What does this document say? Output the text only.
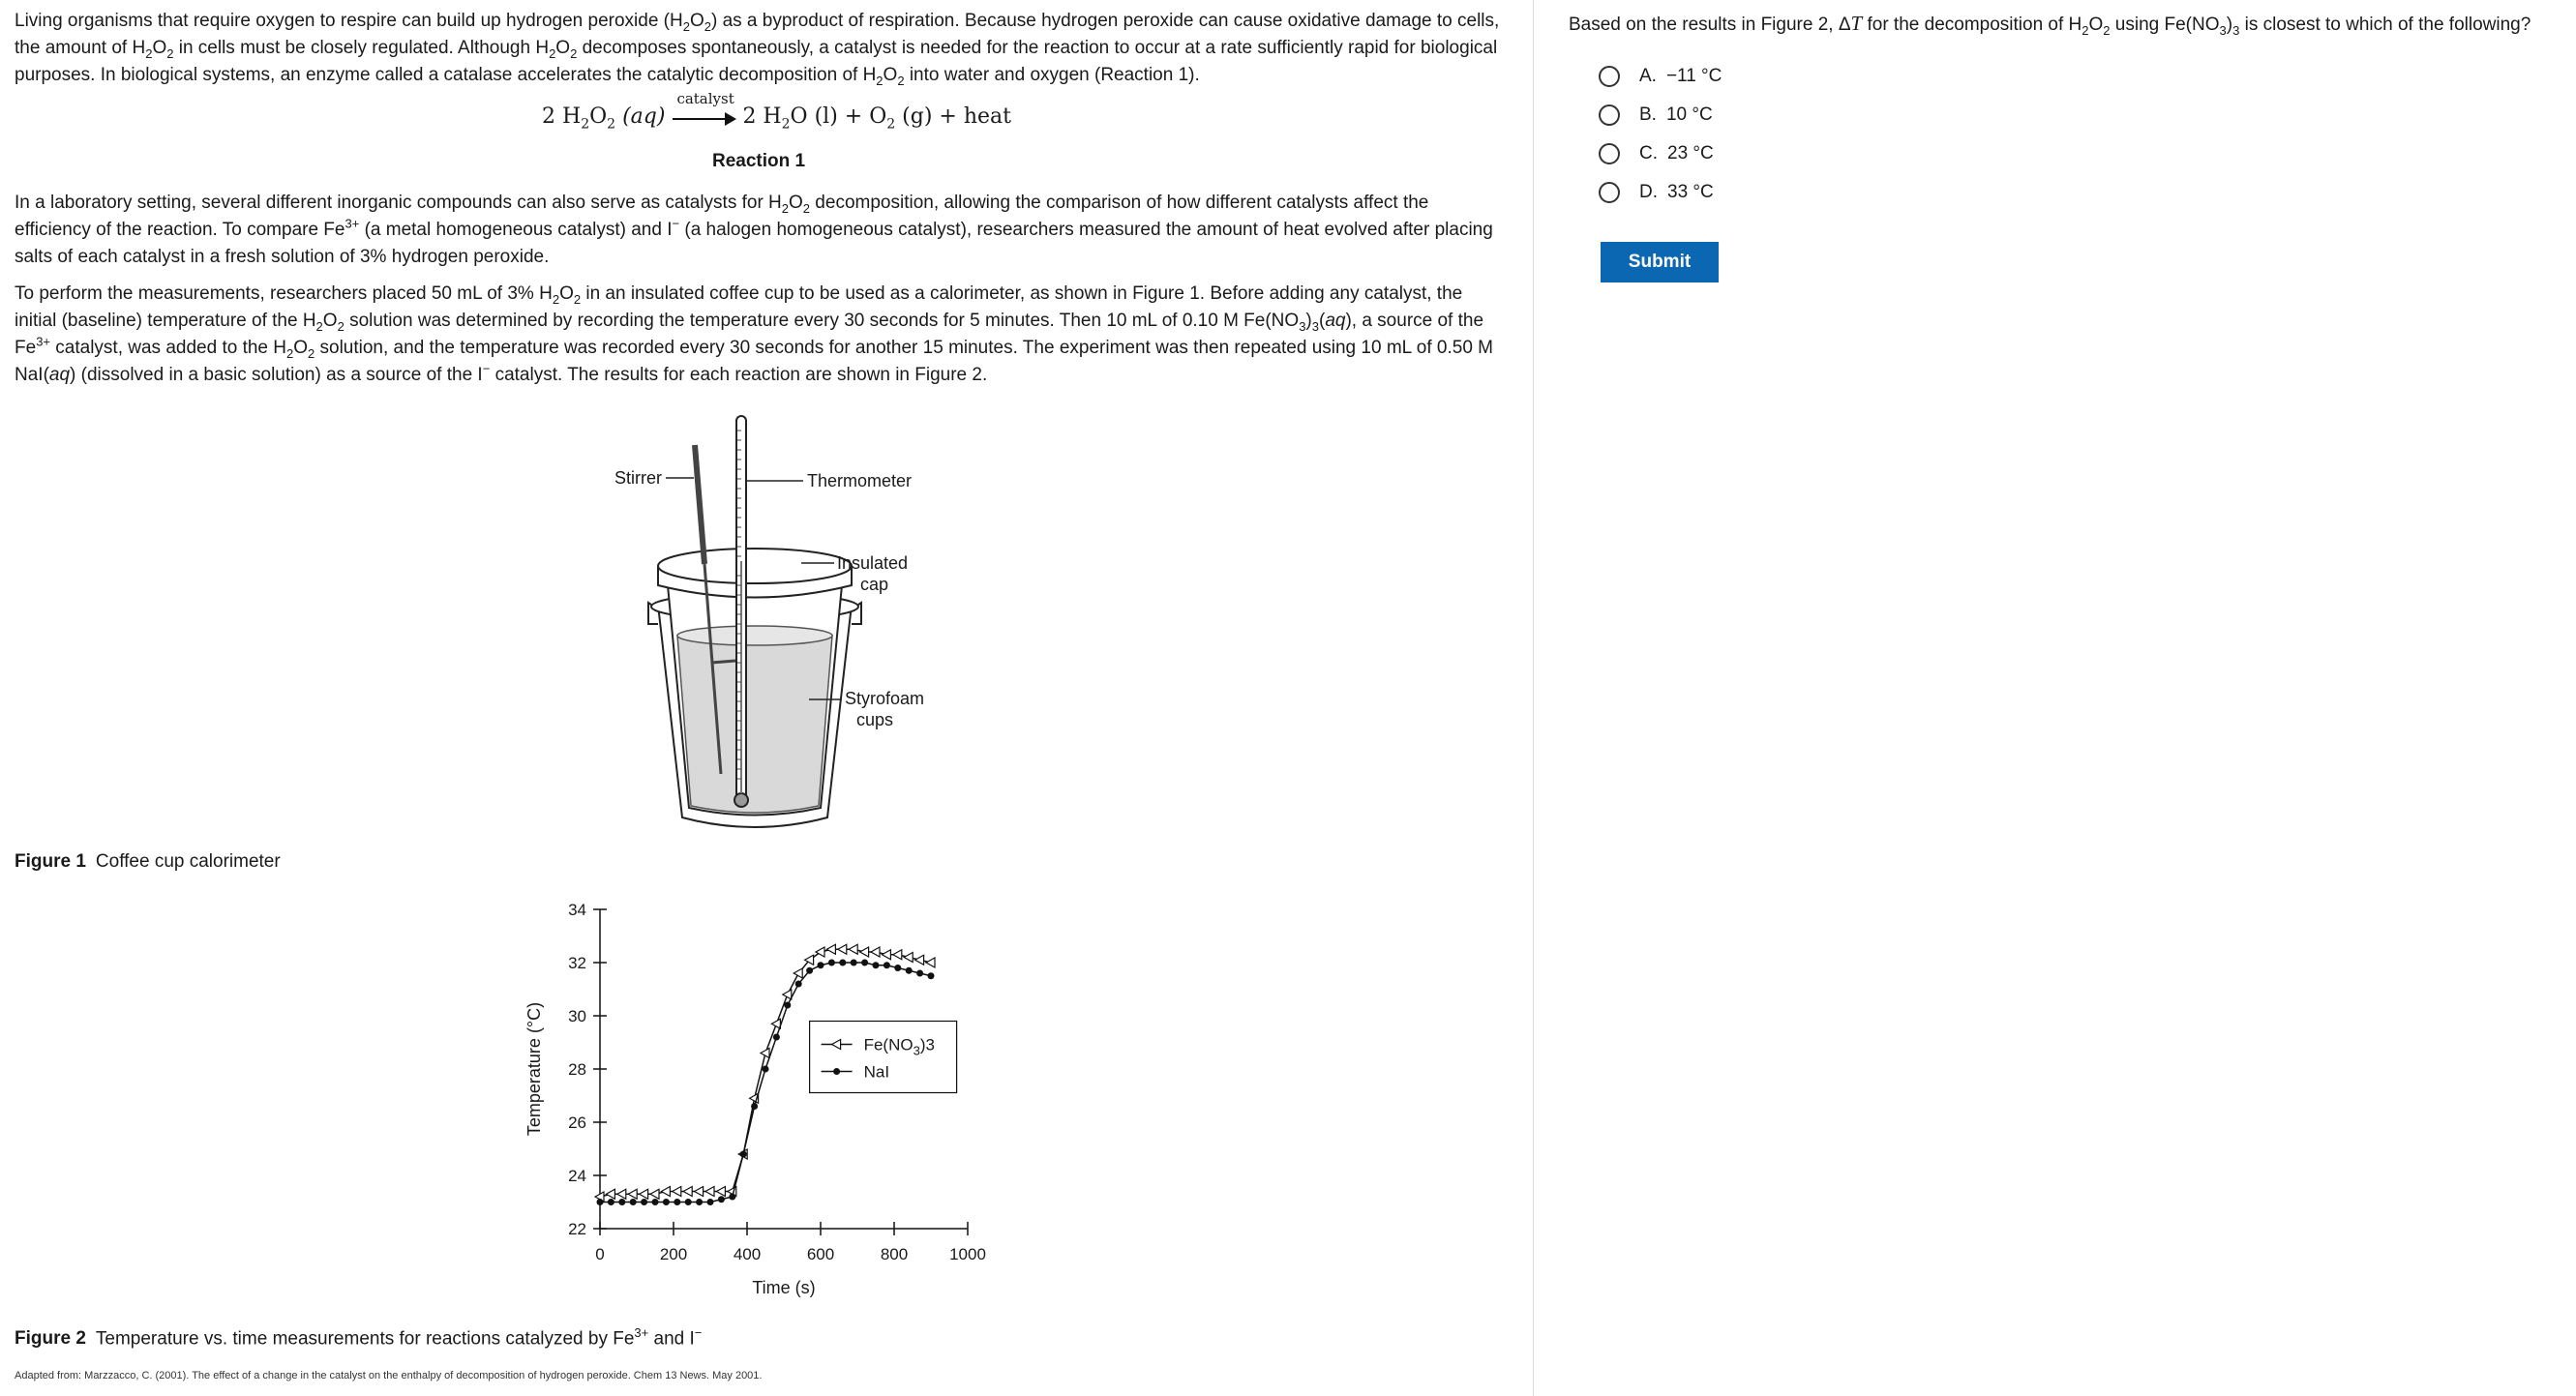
Living organisms that require oxygen to respire can build up hydrogen peroxide $(H_2O_2)$ as a byproduct of respiration. Because hydrogen peroxide can cause oxidative damage to cells, the amount of $H_2O_2$ in cells must be closely regulated. Although $H_2O_2$ decomposes spontaneously, a catalyst is needed for the reaction to occur at a rate sufficiently rapid for biological purposes. In biological systems, an enzyme called a catalase accelerates the catalytic decomposition of $H_2O_2$ into water and oxygen (Reaction 1).

2 $H_2O_2$ (aq)
catalyst
2 $H_2O$ $(l) + O_2$ (g) + heat
Reaction 1

In a laboratory setting, several different inorganic compounds can also serve as catalysts for $H_2O_2$ decomposition, allowing the comparison of how different catalysts affect the efficiency of the reaction. To compare $Fe^{3+}$ (a metal homogeneous catalyst) and I− (a halogen homogeneous catalyst), researchers measured the amount of heat evolved after placing salts of each catalyst in a fresh solution of 3% hydrogen peroxide.

To perform the measurements, researchers placed 50 mL of 3% $H_2O_2$ in an insulated coffee cup to be used as a calorimeter, as shown in Figure 1. Before adding any catalyst, the initial (baseline) temperature of the $H_2O_2$ solution was determined by recording the temperature every 30 seconds for 5 minutes. Then 10 mL of 0.10 M $Fe(NO_3)_3(aq)$, a source of the $Fe^{3+}$ catalyst, was added to the $H_2O_2$ solution, and the temperature was recorded every 30 seconds for another 15 minutes. The experiment was then repeated using 10 mL of 0.50 M NaI(aq) (dissolved in a basic solution) as a source of the I− catalyst. The results for each reaction are shown in Figure 2.

Stirrer	Thermometer
Insulated
cap
Styrofoam
cups
Figure 1 Coffee cup calorimeter
22
24
26
28
30
32
34
0	200	400	600	800	1000
Time (s)
Temperature (°C)	$Fe(NO_3)3$
NaI
Figure 2 Temperature vs. time measurements for reactions catalyzed by $Fe^{3+}$ and I−
Adapted from: Marzzacco, C. (2001). The effect of a change in the catalyst on the enthalpy of decomposition of hydrogen peroxide. Chem 13 News. May 2001.
Based on the results in Figure 2, ΔT for the decomposition of $H_2O_2$ using $Fe(NO_3)_3$ is closest to which of the following?
A. −11 °C
B. 10 °C
C. 23 °C
D. 33 °C
Submit
